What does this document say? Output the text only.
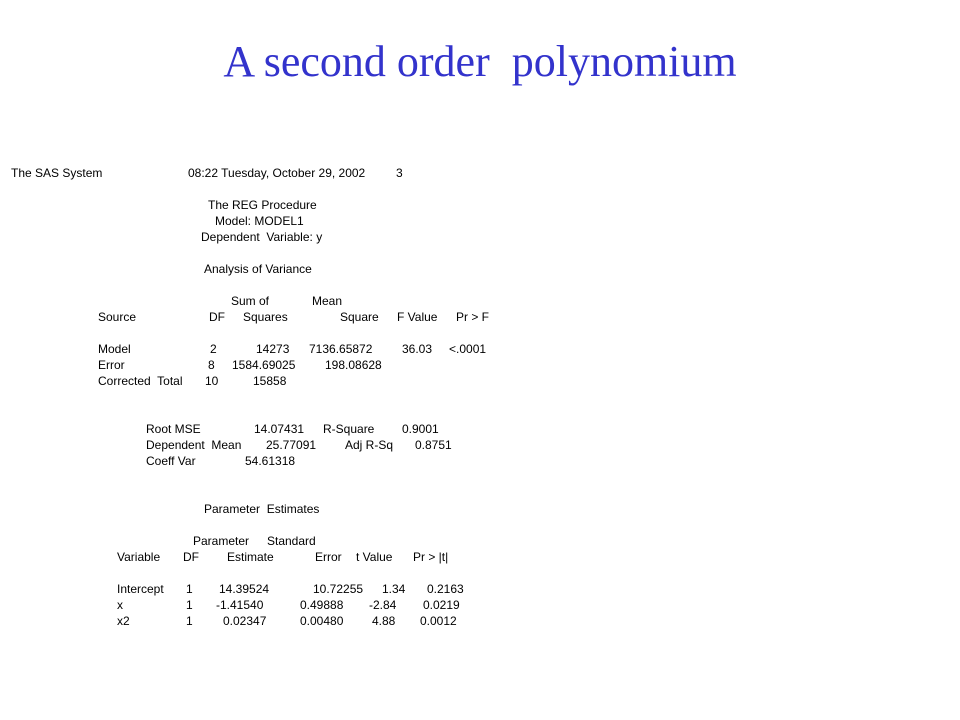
A second order  polynomium
The SAS System	08:22 Tuesday, October 29, 2002	3
The REG Procedure
Model: MODEL1
Dependent  Variable: y
Analysis of Variance
Sum of	Mean
Source	DF Squares	Square F Value Pr > F
Model	2	14273 7136.65872 36.03 <.0001
Error	8 1584.69025 198.08628
Corrected  Total 10	15858
Root MSE	14.07431 R-Square 0.9001
Dependent  Mean 25.77091 Adj R-Sq 0.8751
Coeff Var	54.61318
Parameter  Estimates
Parameter Standard
Variable DF Estimate	Error t Value Pr > |t|
Intercept 1 14.39524	10.72255 1.34 0.2163
x	1 -1.41540	0.49888 -2.84 0.0219
x2	1	0.02347	0.00480 4.88 0.0012
